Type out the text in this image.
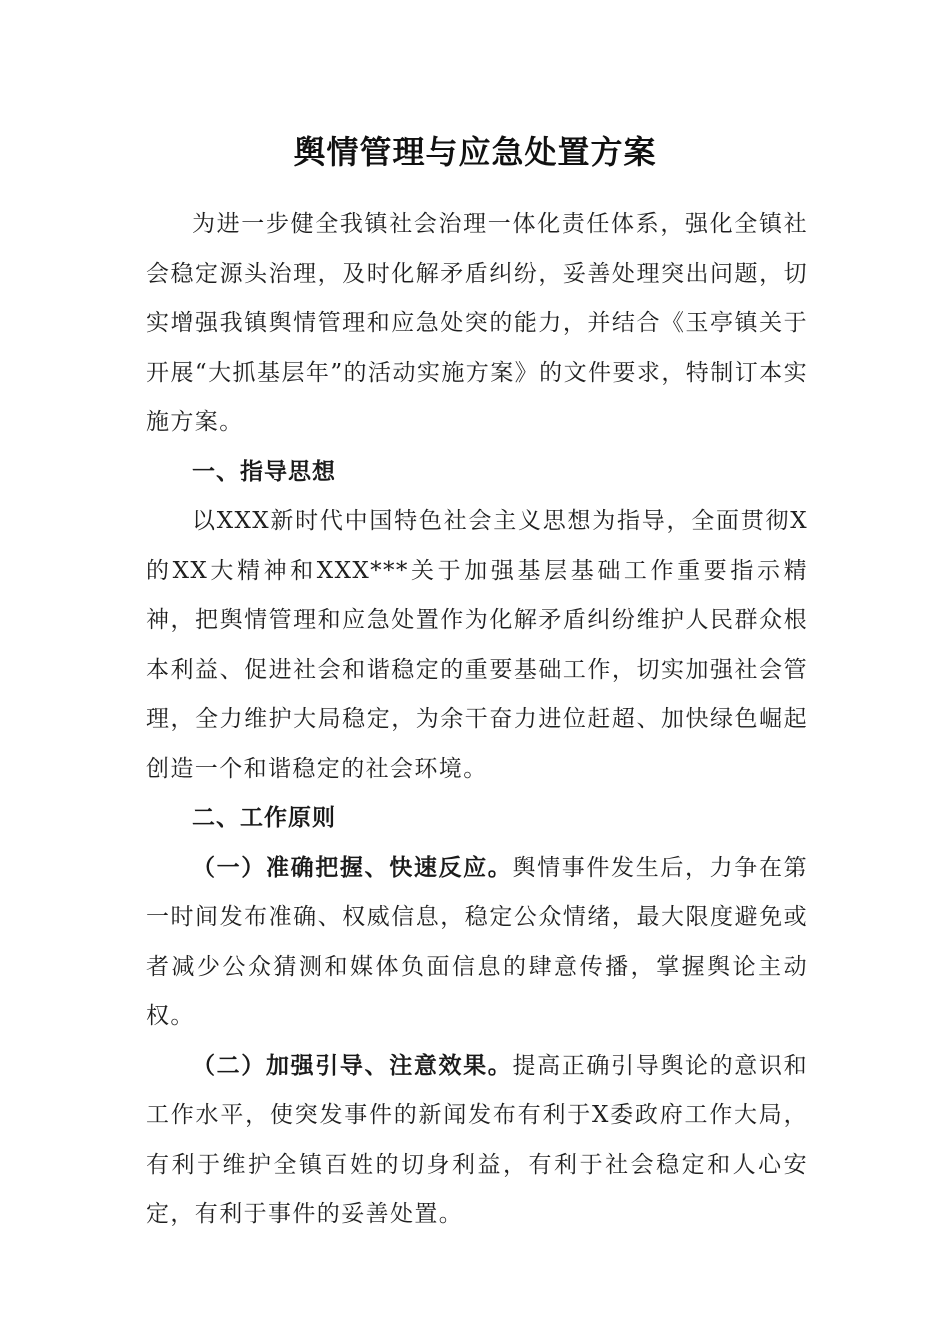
舆情管理与应急处置方案

为进一步健全我镇社会治理一体化责任体系，强化全镇社会稳定源头治理，及时化解矛盾纠纷，妥善处理突出问题，切实增强我镇舆情管理和应急处突的能力，并结合《玉亭镇关于开展“大抓基层年”的活动实施方案》的文件要求，特制订本实施方案。

一、指导思想

以XXX新时代中国特色社会主义思想为指导，全面贯彻X的XX大精神和XXX***关于加强基层基础工作重要指示精神，把舆情管理和应急处置作为化解矛盾纠纷维护人民群众根本利益、促进社会和谐稳定的重要基础工作，切实加强社会管理，全力维护大局稳定，为余干奋力进位赶超、加快绿色崛起创造一个和谐稳定的社会环境。

二、工作原则

（一）准确把握、快速反应。舆情事件发生后，力争在第一时间发布准确、权威信息，稳定公众情绪，最大限度避免或者减少公众猜测和媒体负面信息的肆意传播，掌握舆论主动权。

（二）加强引导、注意效果。提高正确引导舆论的意识和工作水平，使突发事件的新闻发布有利于X委政府工作大局，有利于维护全镇百姓的切身利益，有利于社会稳定和人心安定，有利于事件的妥善处置。
